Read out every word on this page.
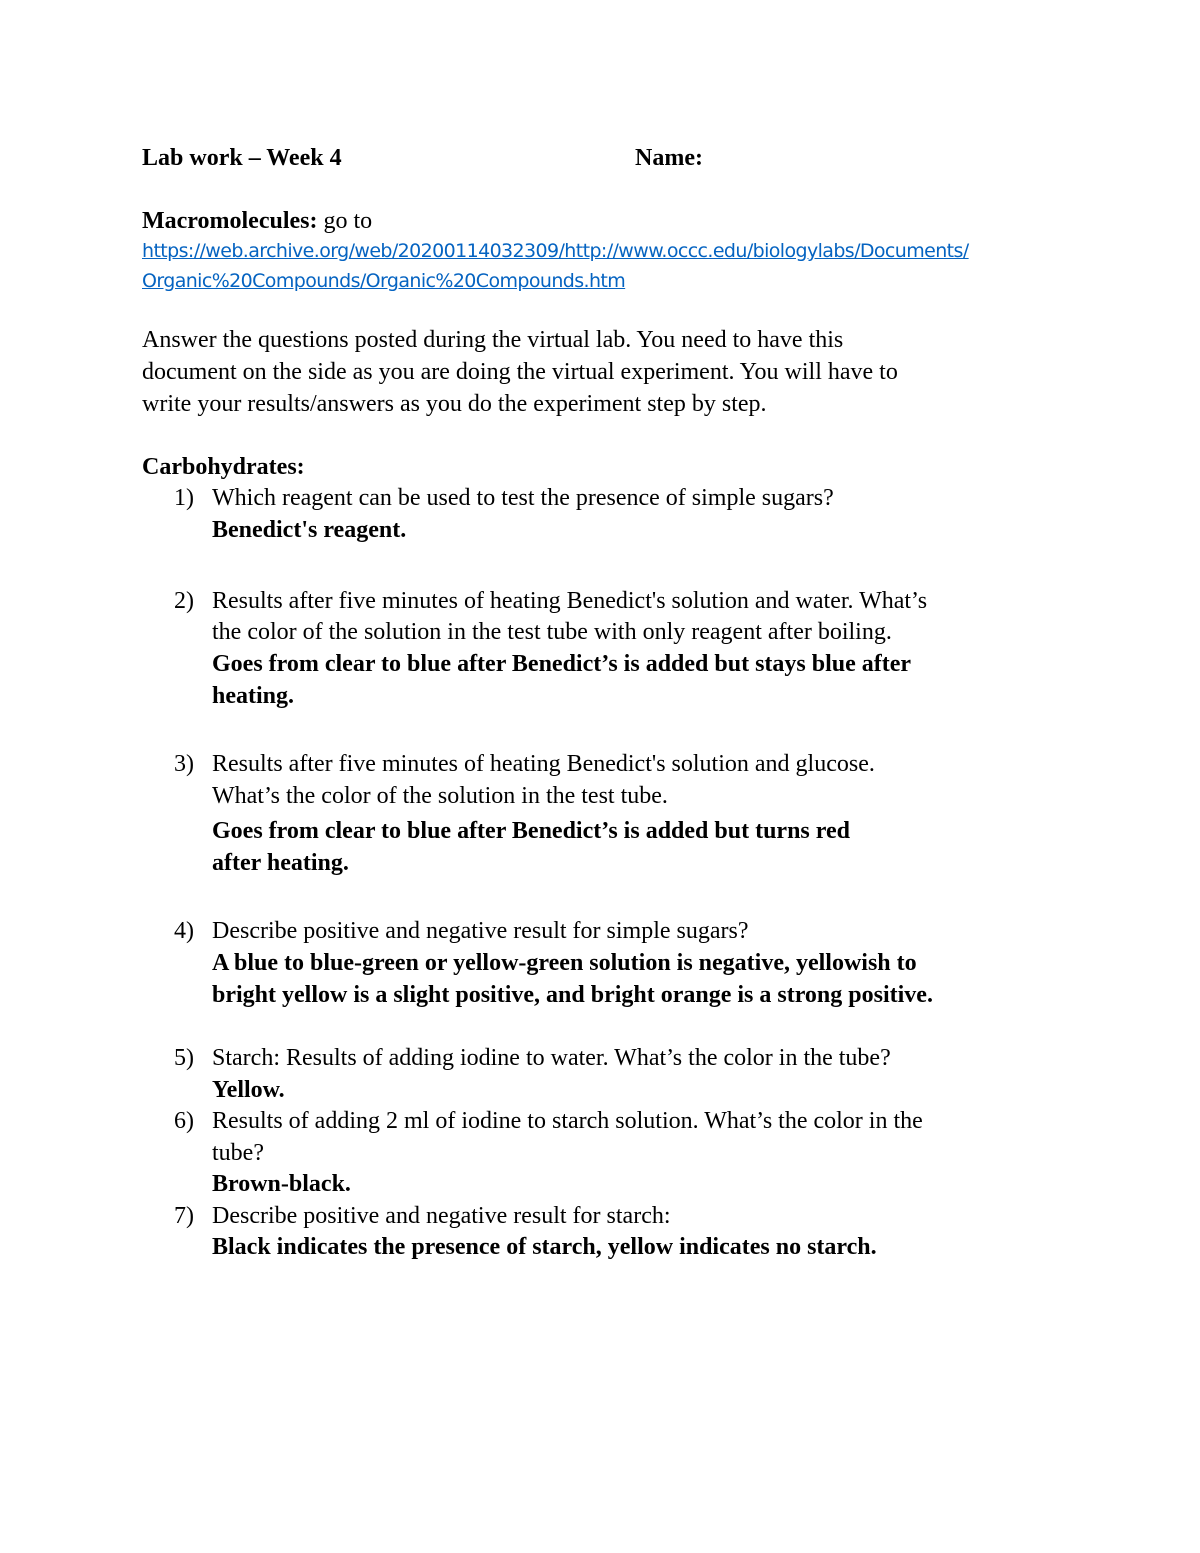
Lab work – Week 4	Name:
Macromolecules: go to
https://web.archive.org/web/20200114032309/http://www.occc.edu/biologylabs/Documents/
Organic%20Compounds/Organic%20Compounds.htm
Answer the questions posted during the virtual lab. You need to have this
document on the side as you are doing the virtual experiment. You will have to
write your results/answers as you do the experiment step by step.
Carbohydrates:
1) Which reagent can be used to test the presence of simple sugars?
Benedict's reagent.
2) Results after five minutes of heating Benedict's solution and water. What’s
the color of the solution in the test tube with only reagent after boiling.
Goes from clear to blue after Benedict’s is added but stays blue after
heating.
3) Results after five minutes of heating Benedict's solution and glucose.
What’s the color of the solution in the test tube.
Goes from clear to blue after Benedict’s is added but turns red
after heating.
4) Describe positive and negative result for simple sugars?
A blue to blue-green or yellow-green solution is negative, yellowish to
bright yellow is a slight positive, and bright orange is a strong positive.
5) Starch: Results of adding iodine to water. What’s the color in the tube?
Yellow.
6) Results of adding 2 ml of iodine to starch solution. What’s the color in the
tube?
Brown-black.
7) Describe positive and negative result for starch:
Black indicates the presence of starch, yellow indicates no starch.
